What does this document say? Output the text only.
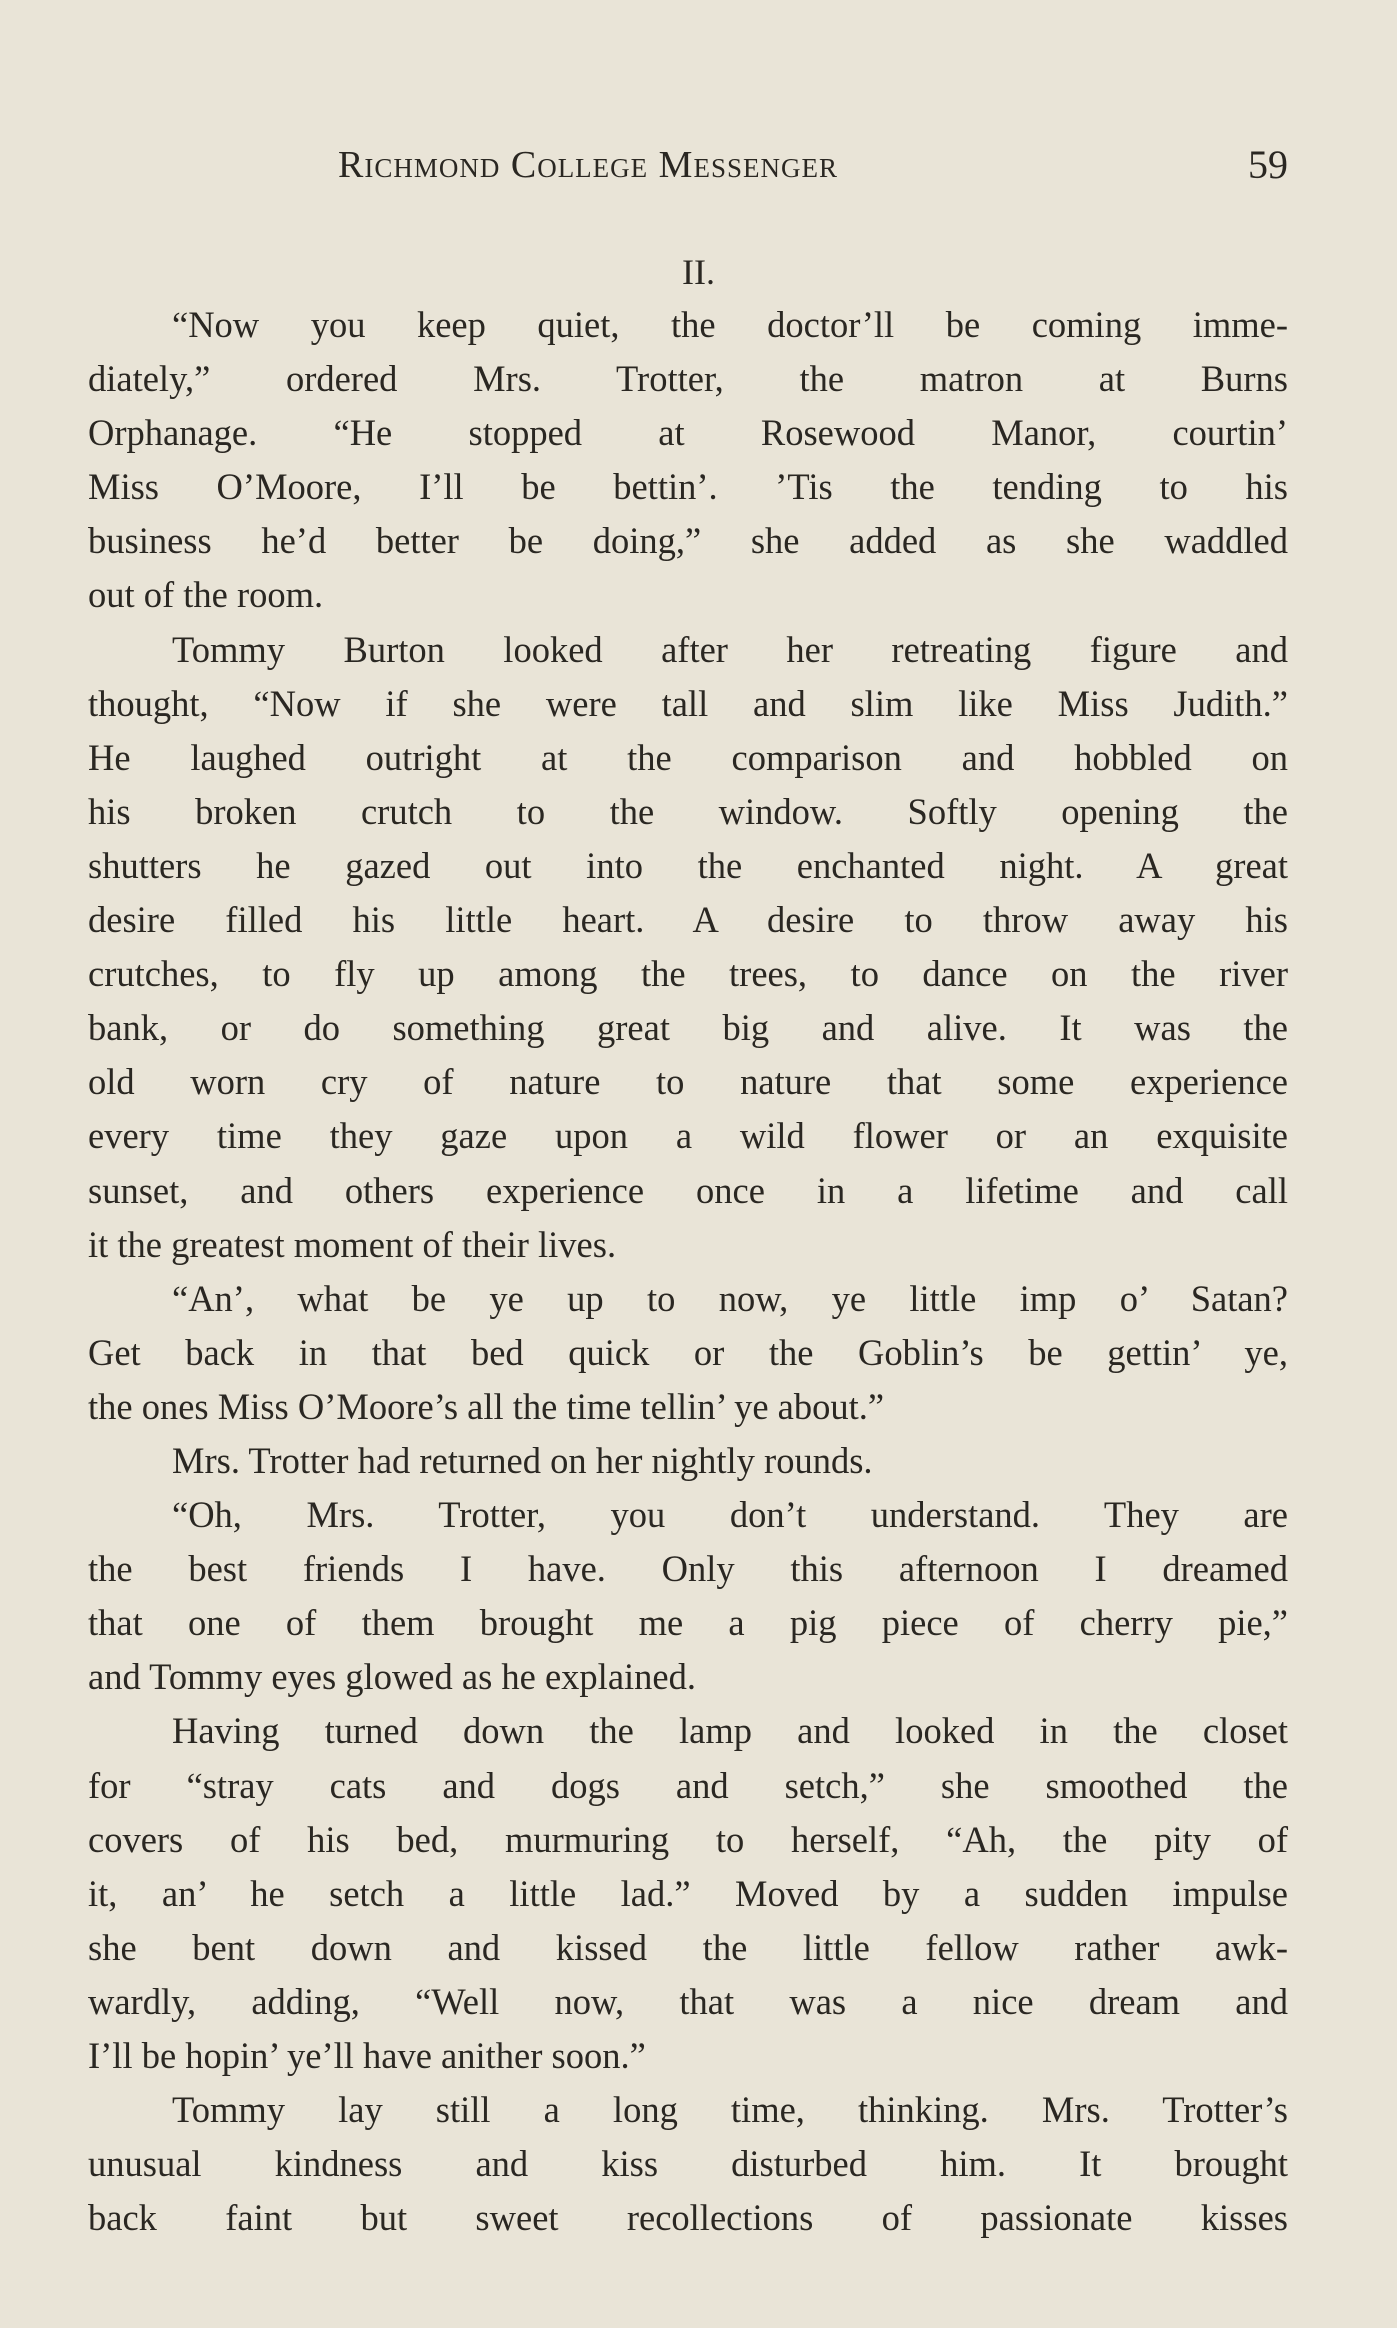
Richmond College Messenger	59
II.
“Now you keep quiet, the doctor’ll be coming imme-
diately,” ordered Mrs. Trotter, the matron at Burns
Orphanage. “He stopped at Rosewood Manor, courtin’
Miss O’Moore, I’ll be bettin’. ’Tis the tending to his
business he’d better be doing,” she added as she waddled
out of the room.
Tommy Burton looked after her retreating figure and
thought, “Now if she were tall and slim like Miss Judith.”
He laughed outright at the comparison and hobbled on
his broken crutch to the window. Softly opening the
shutters he gazed out into the enchanted night. A great
desire filled his little heart. A desire to throw away his
crutches, to fly up among the trees, to dance on the river
bank, or do something great big and alive. It was the
old worn cry of nature to nature that some experience
every time they gaze upon a wild flower or an exquisite
sunset, and others experience once in a lifetime and call
it the greatest moment of their lives.
“An’, what be ye up to now, ye little imp o’ Satan?
Get back in that bed quick or the Goblin’s be gettin’ ye,
the ones Miss O’Moore’s all the time tellin’ ye about.”
Mrs. Trotter had returned on her nightly rounds.
“Oh, Mrs. Trotter, you don’t understand. They are
the best friends I have. Only this afternoon I dreamed
that one of them brought me a pig piece of cherry pie,”
and Tommy eyes glowed as he explained.
Having turned down the lamp and looked in the closet
for “stray cats and dogs and setch,” she smoothed the
covers of his bed, murmuring to herself, “Ah, the pity of
it, an’ he setch a little lad.” Moved by a sudden impulse
she bent down and kissed the little fellow rather awk-
wardly, adding, “Well now, that was a nice dream and
I’ll be hopin’ ye’ll have anither soon.”
Tommy lay still a long time, thinking. Mrs. Trotter’s
unusual kindness and kiss disturbed him. It brought
back faint but sweet recollections of passionate kisses
